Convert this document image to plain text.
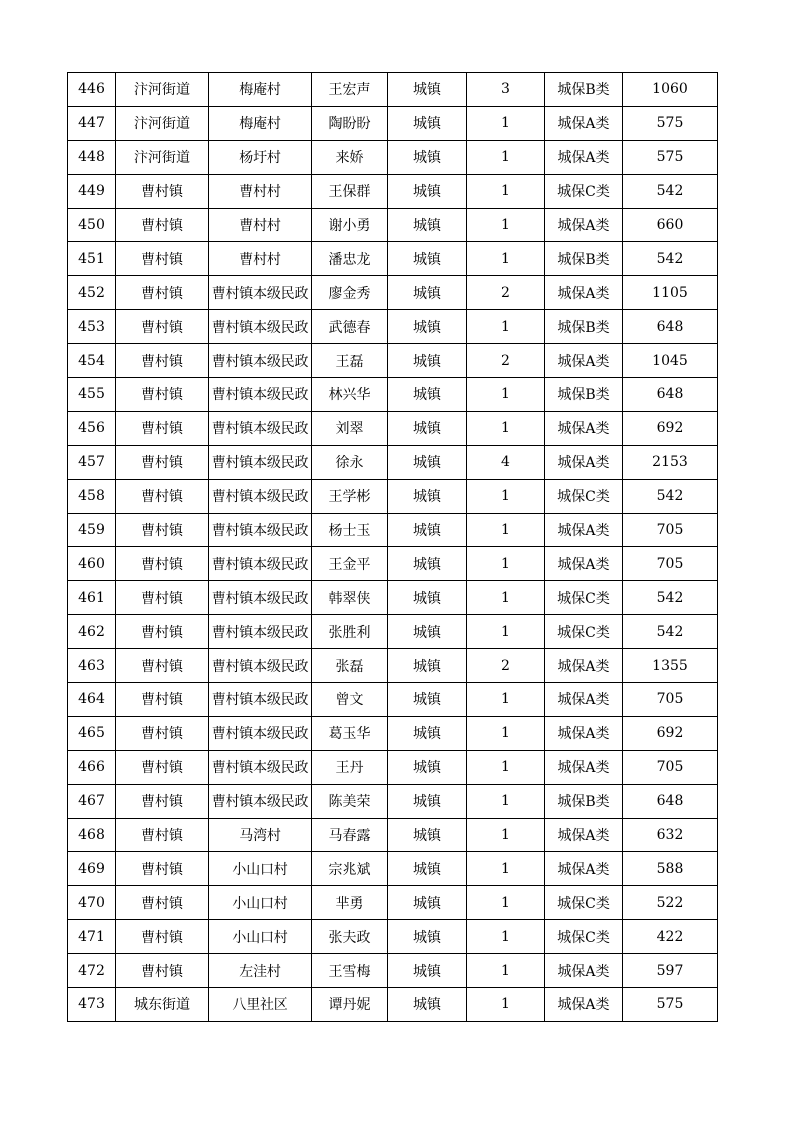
446	汴河街道	梅庵村	王宏声	城镇	3	城保B类	1060
447	汴河街道	梅庵村	陶盼盼	城镇	1	城保A类	575
448	汴河街道	杨圩村	来娇	城镇	1	城保A类	575
449	曹村镇	曹村村	王保群	城镇	1	城保C类	542
450	曹村镇	曹村村	谢小勇	城镇	1	城保A类	660
451	曹村镇	曹村村	潘忠龙	城镇	1	城保B类	542
452	曹村镇	曹村镇本级民政	廖金秀	城镇	2	城保A类	1105
453	曹村镇	曹村镇本级民政	武德春	城镇	1	城保B类	648
454	曹村镇	曹村镇本级民政	王磊	城镇	2	城保A类	1045
455	曹村镇	曹村镇本级民政	林兴华	城镇	1	城保B类	648
456	曹村镇	曹村镇本级民政	刘翠	城镇	1	城保A类	692
457	曹村镇	曹村镇本级民政	徐永	城镇	4	城保A类	2153
458	曹村镇	曹村镇本级民政	王学彬	城镇	1	城保C类	542
459	曹村镇	曹村镇本级民政	杨士玉	城镇	1	城保A类	705
460	曹村镇	曹村镇本级民政	王金平	城镇	1	城保A类	705
461	曹村镇	曹村镇本级民政	韩翠侠	城镇	1	城保C类	542
462	曹村镇	曹村镇本级民政	张胜利	城镇	1	城保C类	542
463	曹村镇	曹村镇本级民政	张磊	城镇	2	城保A类	1355
464	曹村镇	曹村镇本级民政	曾文	城镇	1	城保A类	705
465	曹村镇	曹村镇本级民政	葛玉华	城镇	1	城保A类	692
466	曹村镇	曹村镇本级民政	王丹	城镇	1	城保A类	705
467	曹村镇	曹村镇本级民政	陈美荣	城镇	1	城保B类	648
468	曹村镇	马湾村	马春露	城镇	1	城保A类	632
469	曹村镇	小山口村	宗兆斌	城镇	1	城保A类	588
470	曹村镇	小山口村	芈勇	城镇	1	城保C类	522
471	曹村镇	小山口村	张夫政	城镇	1	城保C类	422
472	曹村镇	左洼村	王雪梅	城镇	1	城保A类	597
473	城东街道	八里社区	谭丹妮	城镇	1	城保A类	575
